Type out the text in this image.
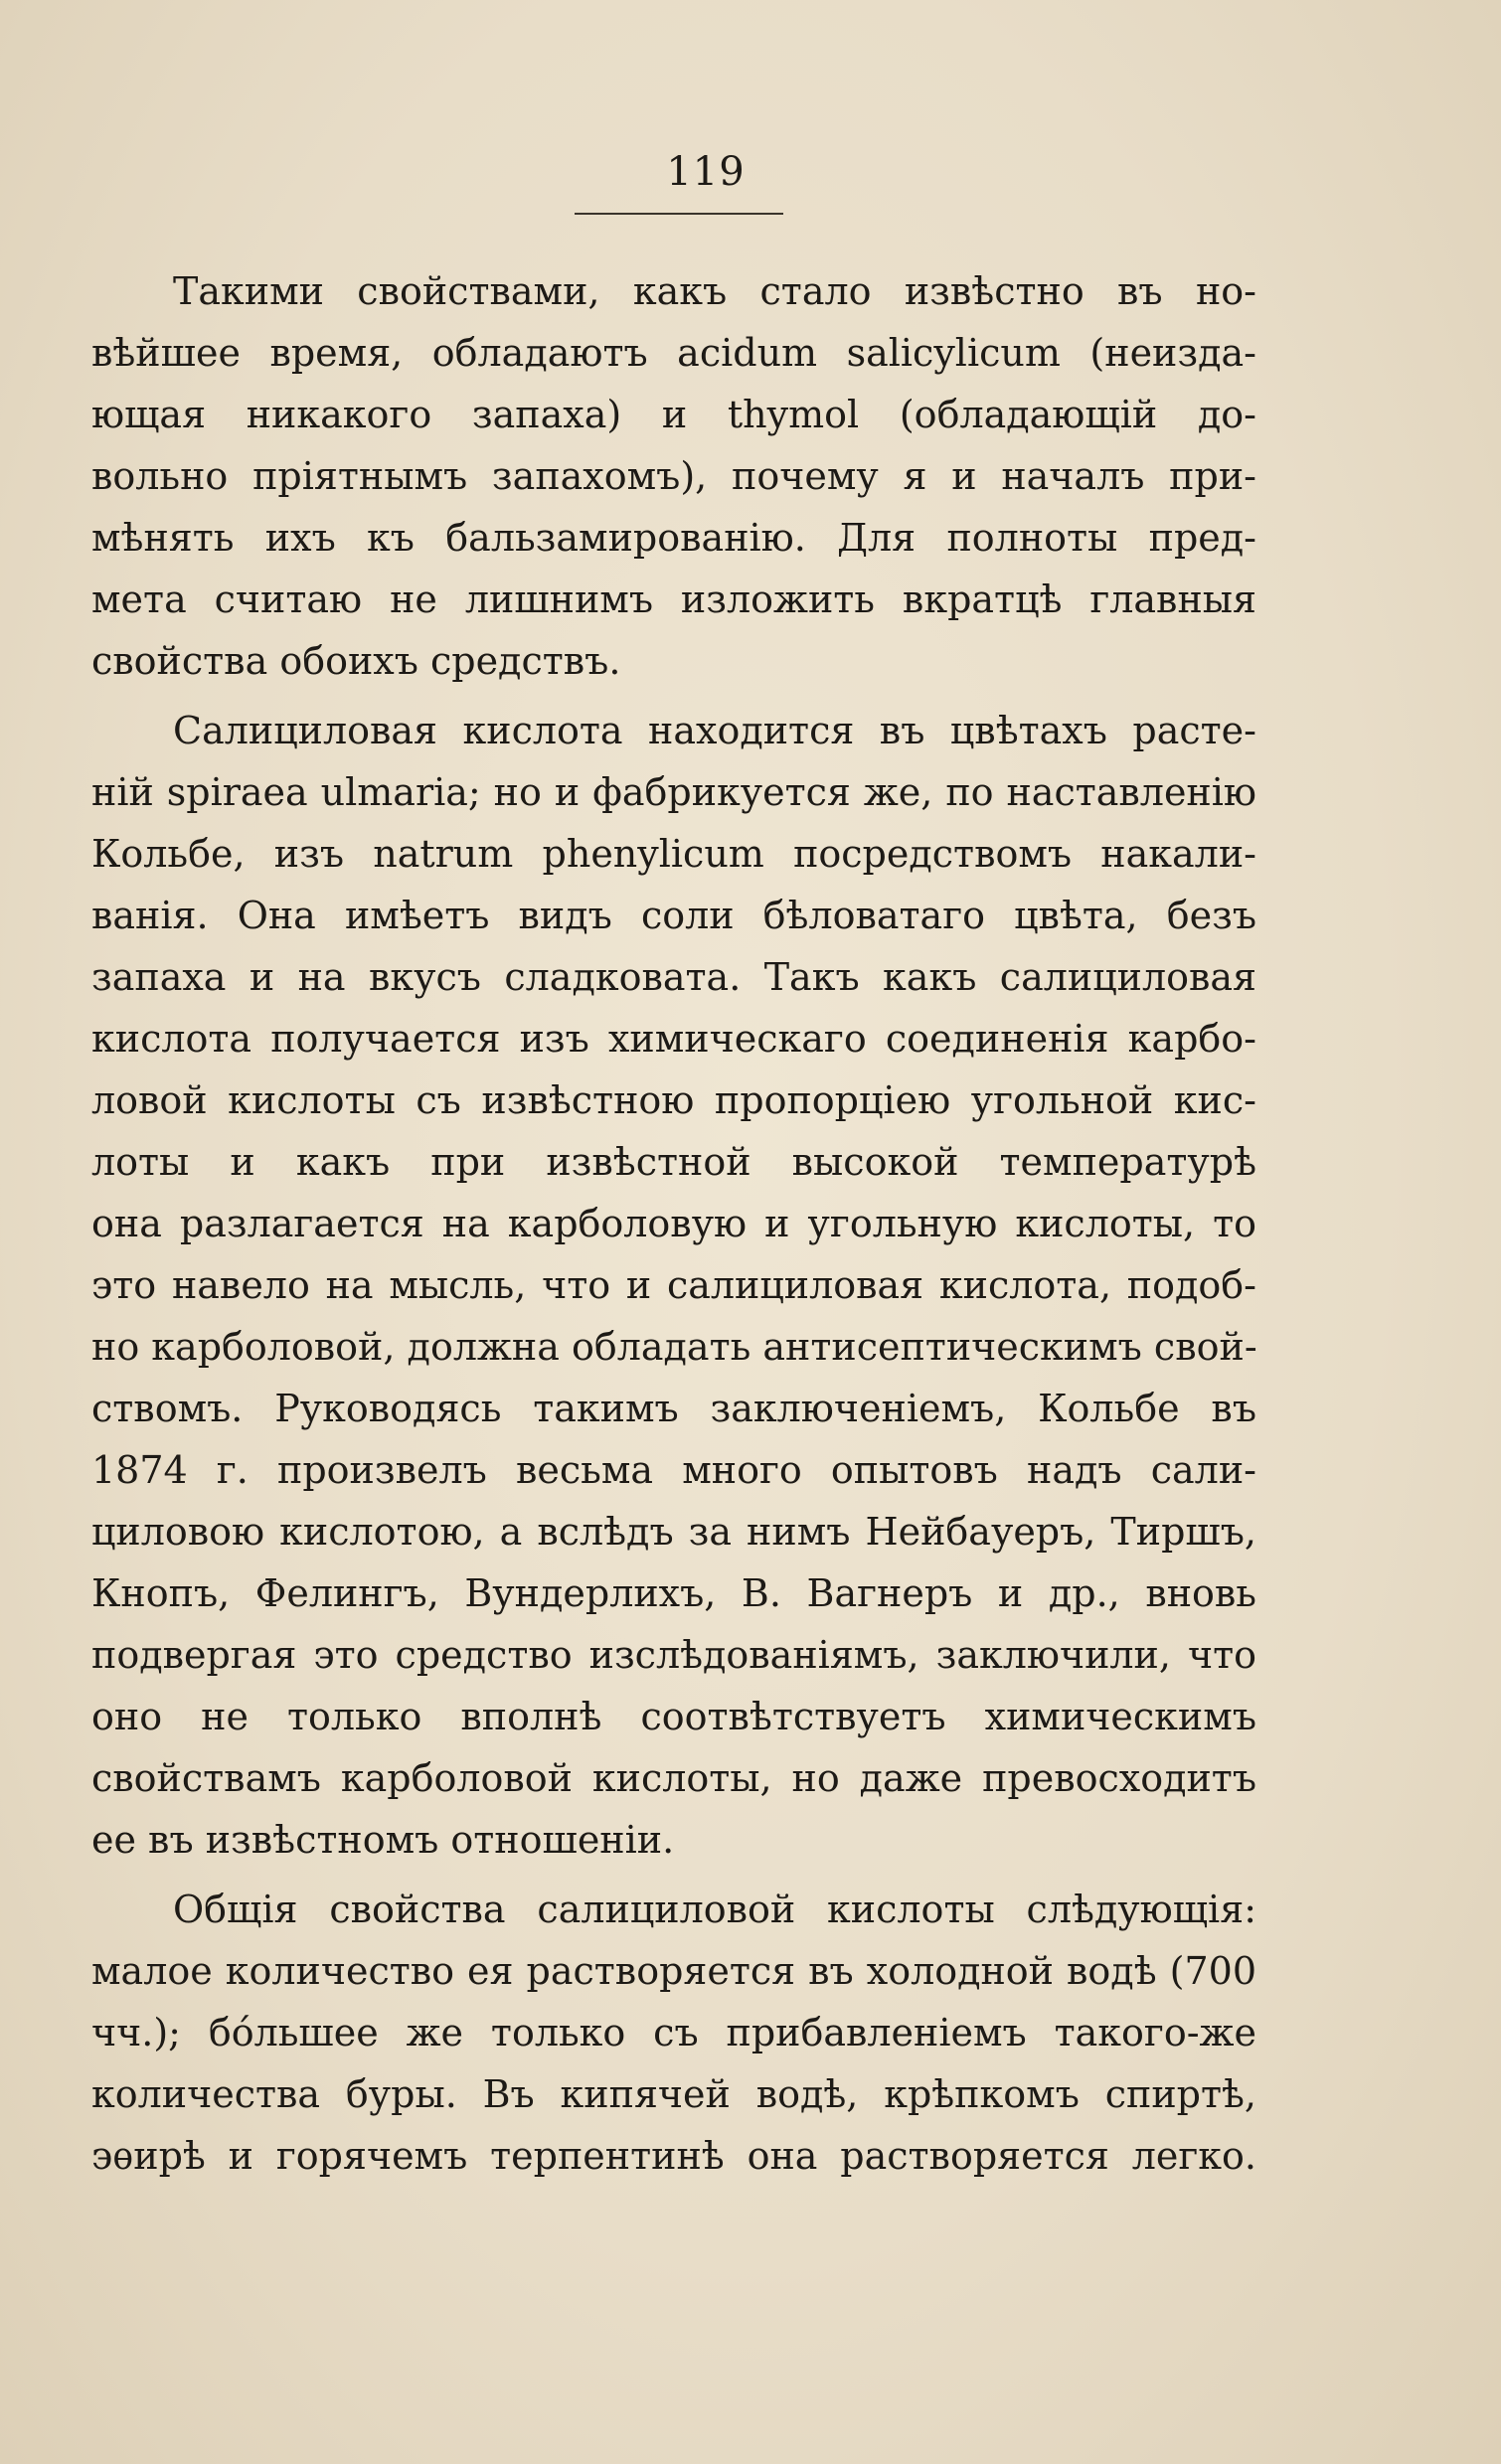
119
Такими свойствами, какъ стало извѣстно въ но-
вѣйшее время, обладаютъ acidum salicylicum (неизда-
ющая никакого запаха) и thymol (обладающій до-
вольно пріятнымъ запахомъ), почему я и началъ при-
мѣнять ихъ къ бальзамированію. Для полноты пред-
мета считаю не лишнимъ изложить вкратцѣ главныя
свойства обоихъ средствъ.
Салициловая кислота находится въ цвѣтахъ расте-
ній spiraea ulmaria; но и фабрикуется же, по наставленію
Кольбе, изъ natrum phenylicum посредствомъ накали-
ванія. Она имѣетъ видъ соли бѣловатаго цвѣта, безъ
запаха и на вкусъ сладковата. Такъ какъ салициловая
кислота получается изъ химическаго соединенія карбо-
ловой кислоты съ извѣстною пропорціею угольной кис-
лоты и какъ при извѣстной высокой температурѣ
она разлагается на карболовую и угольную кислоты, то
это навело на мысль, что и салициловая кислота, подоб-
но карболовой, должна обладать антисептическимъ свой-
ствомъ. Руководясь такимъ заключеніемъ, Кольбе въ
1874 г. произвелъ весьма много опытовъ надъ сали-
циловою кислотою, а вслѣдъ за нимъ Нейбауеръ, Тиршъ,
Кнопъ, Фелингъ, Вундерлихъ, В. Вагнеръ и др., вновь
подвергая это средство изслѣдованіямъ, заключили, что
оно не только вполнѣ соотвѣтствуетъ химическимъ
свойствамъ карболовой кислоты, но даже превосходитъ
ее въ извѣстномъ отношеніи.
Общія свойства салициловой кислоты слѣдующія:
малое количество ея растворяется въ холодной водѣ (700
чч.); бóльшее же только съ прибавленіемъ такого-же
количества буры. Въ кипячей водѣ, крѣпкомъ спиртѣ,
эѳирѣ и горячемъ терпентинѣ она растворяется легко.
